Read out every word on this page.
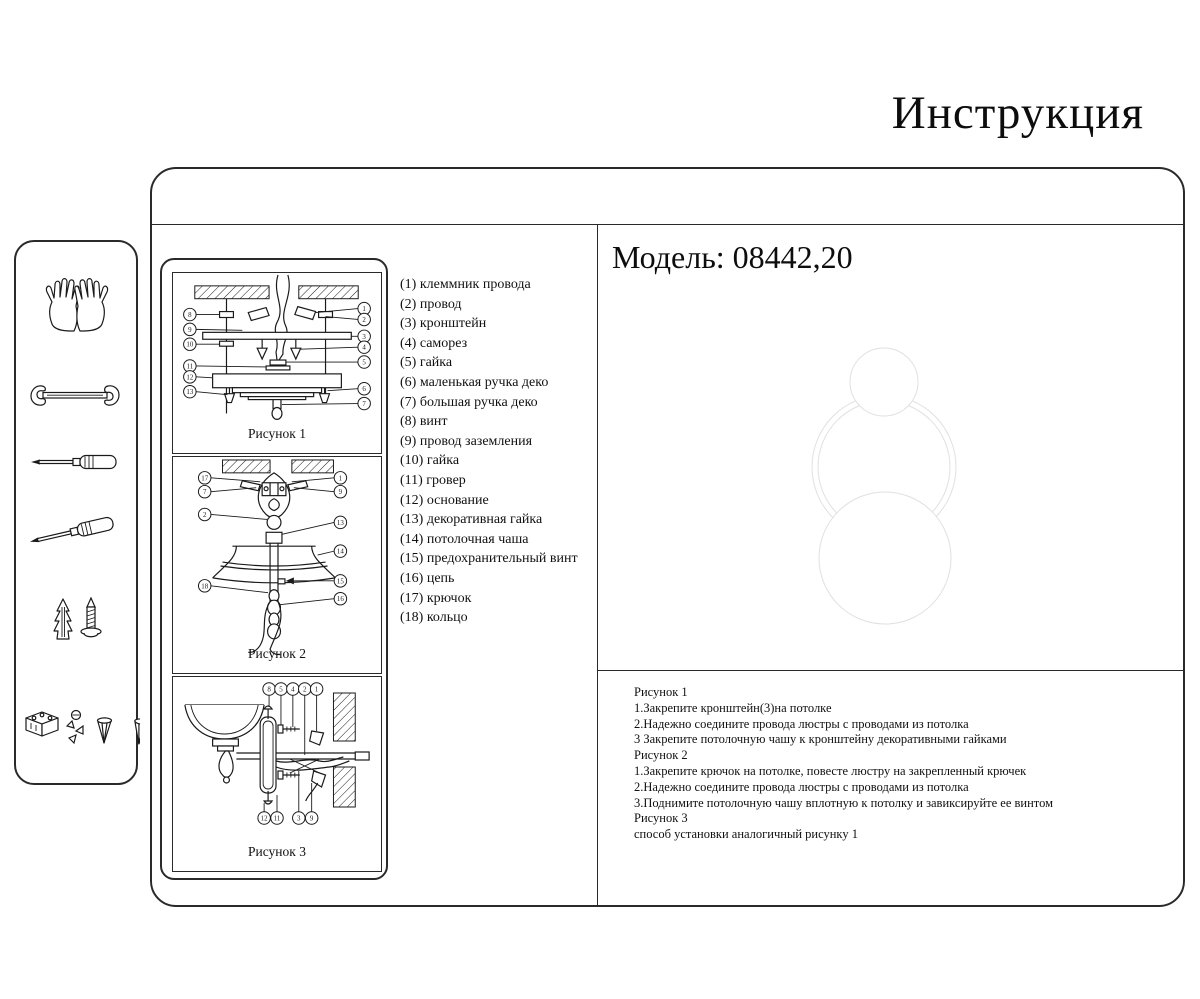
Инструкция
8
9
10
11
12
13
1
2
3
4
5
6
7
Рисунок 1
17
7
2
18
1
9
13
14
15
16
Рисунок 2
8 5 4 2 1
12 11 3 9
Рисунок 3
(1) клеммник провода
(2) провод
(3) кронштейн
(4) саморез
(5) гайка
(6) маленькая ручка деко
(7) большая ручка деко
(8) винт
(9) провод заземления
(10) гайка
(11) гровер
(12) основание
(13) декоративная гайка
(14) потолочная чаша
(15) предохранительный винт
(16) цепь
(17) крючок
(18) кольцо
Модель: 08442,20
Рисунок 1
1.Закрепите кронштейн(3)на потолке
2.Надежно соедините провода люстры с проводами из потолка
3 Закрепите потолочную чашу к кронштейну декоративными гайками
Рисунок 2
1.Закрепите крючок на потолке, повесте люстру на закрепленный крючек
2.Надежно соедините провода люстры с проводами из потолка
3.Поднимите потолочную чашу вплотную к потолку и завиксируйте ее винтом
Рисунок 3
способ установки аналогичный рисунку 1
